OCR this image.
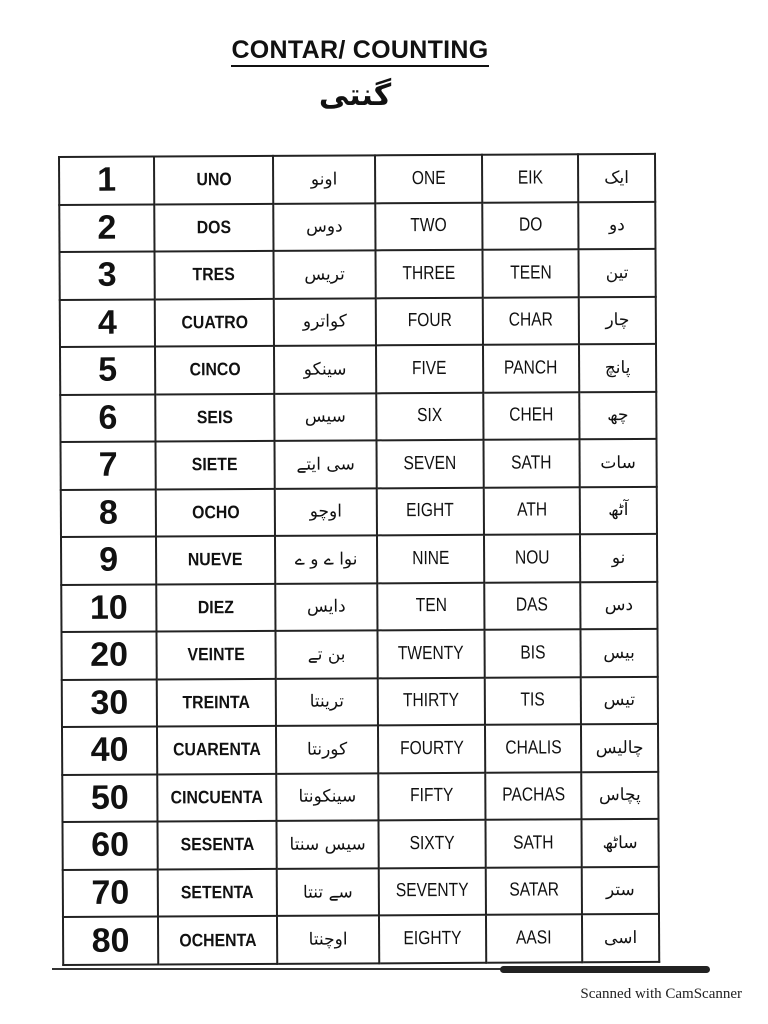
CONTAR/ COUNTING
گنتی
1	UNO	اونو	ONE	EIK	ایک
2	DOS	دوس	TWO	DO	دو
3	TRES	تریس	THREE	TEEN	تین
4	CUATRO	کواترو	FOUR	CHAR	چار
5	CINCO	سینکو	FIVE	PANCH	پانچ
6	SEIS	سیس	SIX	CHEH	چھ
7	SIETE	سی ایتے	SEVEN	SATH	سات
8	OCHO	اوچو	EIGHT	ATH	آٹھ
9	NUEVE	نوا ے و ے	NINE	NOU	نو
10	DIEZ	دایس	TEN	DAS	دس
20	VEINTE	بن تے	TWENTY	BIS	بیس
30	TREINTA	ترینتا	THIRTY	TIS	تیس
40	CUARENTA	کورنتا	FOURTY	CHALIS	چالیس
50	CINCUENTA	سینکونتا	FIFTY	PACHAS	پچاس
60	SESENTA	سیس سنتا	SIXTY	SATH	ساٹھ
70	SETENTA	سے تنتا	SEVENTY	SATAR	ستر
80	OCHENTA	اوچنتا	EIGHTY	AASI	اسی
Scanned with CamScanner
